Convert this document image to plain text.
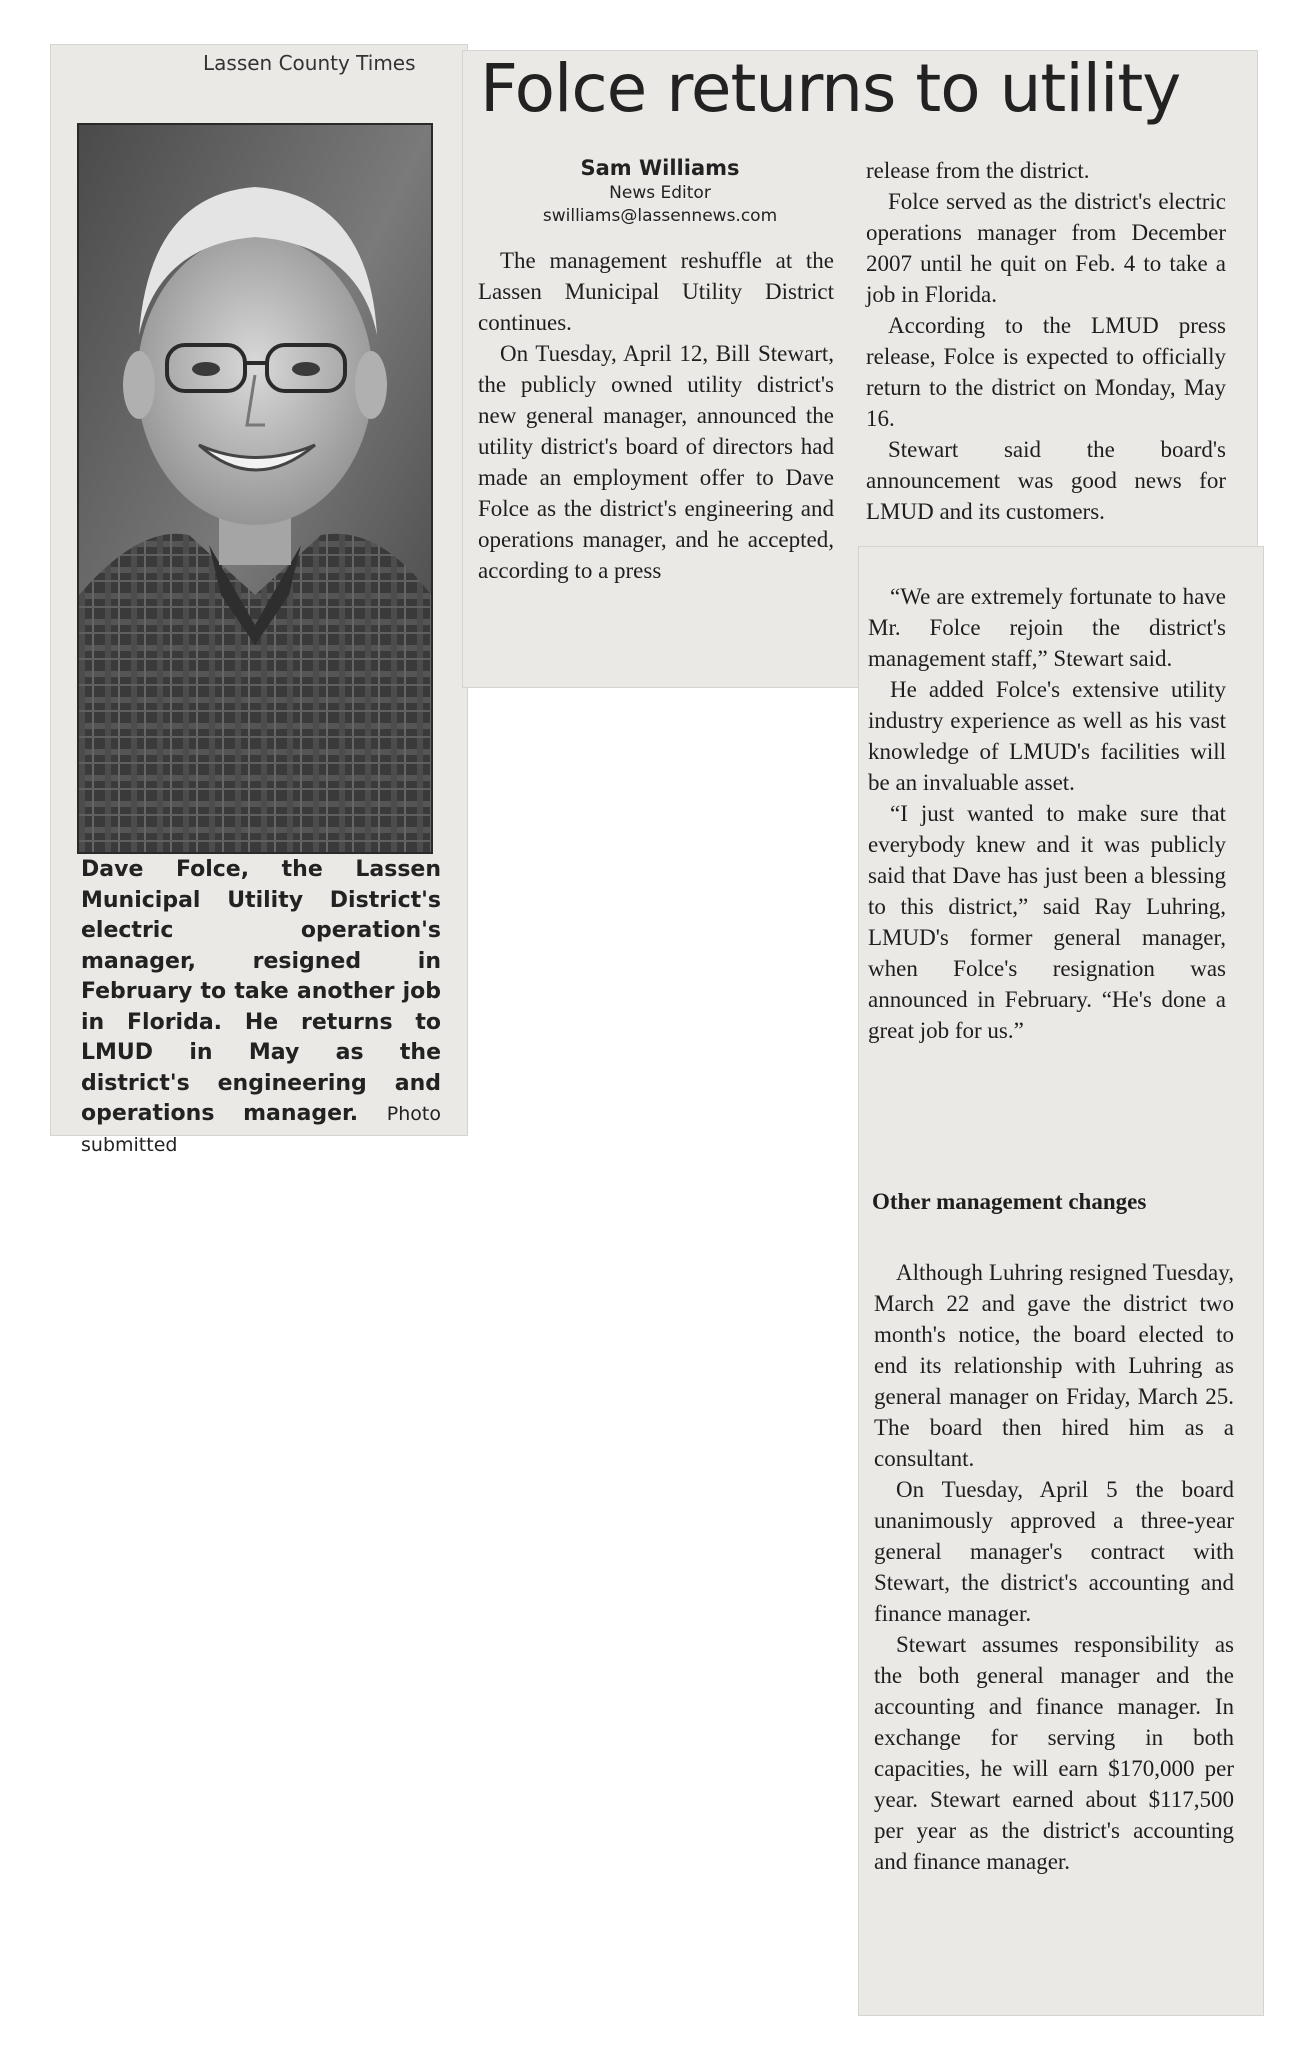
Lassen County Times Folce returns to utility
Sam Williams
News Editor
swilliams@lassennews.com
Dave Folce, the Lassen Municipal Utility District's electric operation's manager, resigned in February to take another job in Florida. He returns to LMUD in May as the district's engineering and operations manager. Photo submitted

The management reshuffle at the Lassen Municipal Utility District continues.

On Tuesday, April 12, Bill Stewart, the publicly owned utility district's new general manager, announced the utility district's board of directors had made an employment offer to Dave Folce as the district's engineering and operations manager, and he accepted, according to a press

release from the district.

Folce served as the district's electric operations manager from December 2007 until he quit on Feb. 4 to take a job in Florida.

According to the LMUD press release, Folce is expected to officially return to the district on Monday, May 16.

Stewart said the board's announcement was good news for LMUD and its customers.

“We are extremely fortunate to have Mr. Folce rejoin the district's management staff,” Stewart said.

He added Folce's extensive utility industry experience as well as his vast knowledge of LMUD's facilities will be an invaluable asset.

“I just wanted to make sure that everybody knew and it was publicly said that Dave has just been a blessing to this district,” said Ray Luhring, LMUD's former general manager, when Folce's resignation was announced in February. “He's done a great job for us.”

Other management changes

Although Luhring resigned Tuesday, March 22 and gave the district two month's notice, the board elected to end its relationship with Luhring as general manager on Friday, March 25. The board then hired him as a consultant.

On Tuesday, April 5 the board unanimously approved a three-year general manager's contract with Stewart, the district's accounting and finance manager.

Stewart assumes responsibility as the both general manager and the accounting and finance manager. In exchange for serving in both capacities, he will earn $170,000 per year. Stewart earned about $117,500 per year as the district's accounting and finance manager.
